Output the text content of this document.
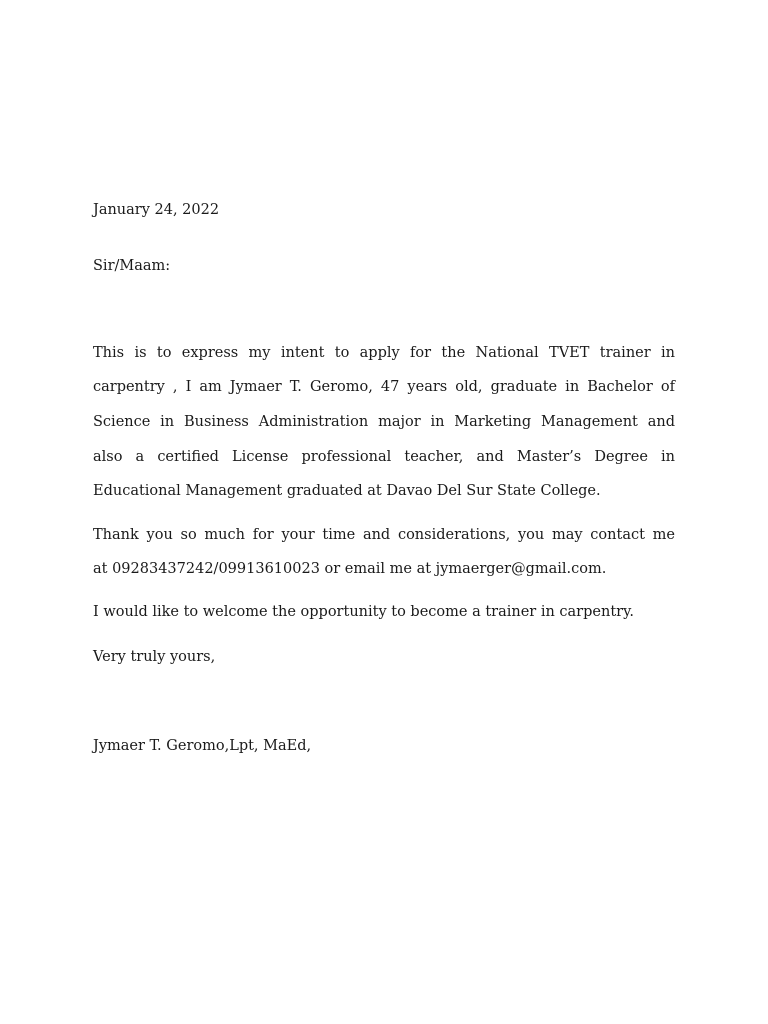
January 24, 2022
Sir/Maam:
This is to express my intent to apply for the National TVET trainer in
carpentry , I am Jymaer T. Geromo, 47 years old, graduate in Bachelor of
Science in Business Administration major in Marketing Management and
also a certified License professional teacher, and Master’s Degree in
Educational Management graduated at Davao Del Sur State College.
Thank you so much for your time and considerations, you may contact me
at 09283437242/09913610023 or email me at jymaerger@gmail.com.
I would like to welcome the opportunity to become a trainer in carpentry.
Very truly yours,
Jymaer T. Geromo,Lpt, MaEd,
